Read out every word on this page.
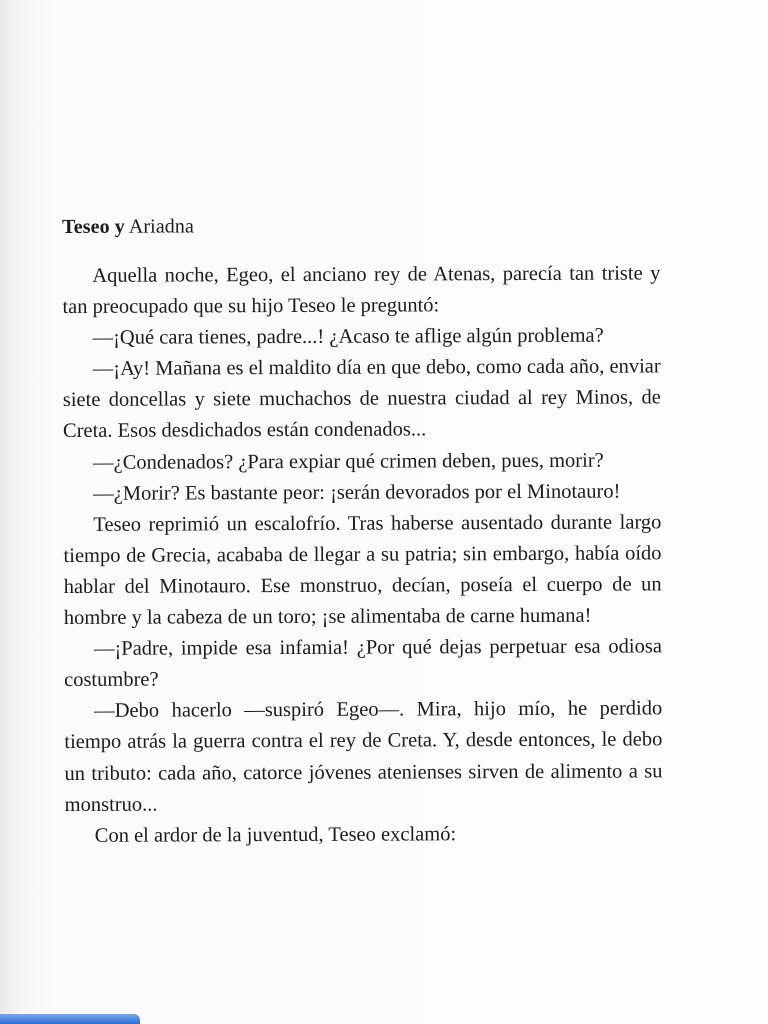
Teseo y Ariadna

Aquella noche, Egeo, el anciano rey de Atenas, parecía tan triste y tan preocupado que su hijo Teseo le preguntó:

—¡Qué cara tienes, padre...! ¿Acaso te aflige algún problema?

—¡Ay! Mañana es el maldito día en que debo, como cada año, enviar siete doncellas y siete muchachos de nuestra ciudad al rey Minos, de Creta. Esos desdichados están condenados...

—¿Condenados? ¿Para expiar qué crimen deben, pues, morir?

—¿Morir? Es bastante peor: ¡serán devorados por el Minotauro!

Teseo reprimió un escalofrío. Tras haberse ausentado durante largo tiempo de Grecia, acababa de llegar a su patria; sin embargo, había oído hablar del Minotauro. Ese monstruo, decían, poseía el cuerpo de un hombre y la cabeza de un toro; ¡se alimentaba de carne humana!

—¡Padre, impide esa infamia! ¿Por qué dejas perpetuar esa odiosa costumbre?

—Debo hacerlo —suspiró Egeo—. Mira, hijo mío, he perdido tiempo atrás la guerra contra el rey de Creta. Y, desde entonces, le debo un tributo: cada año, catorce jóvenes atenienses sirven de alimento a su monstruo...

Con el ardor de la juventud, Teseo exclamó:
